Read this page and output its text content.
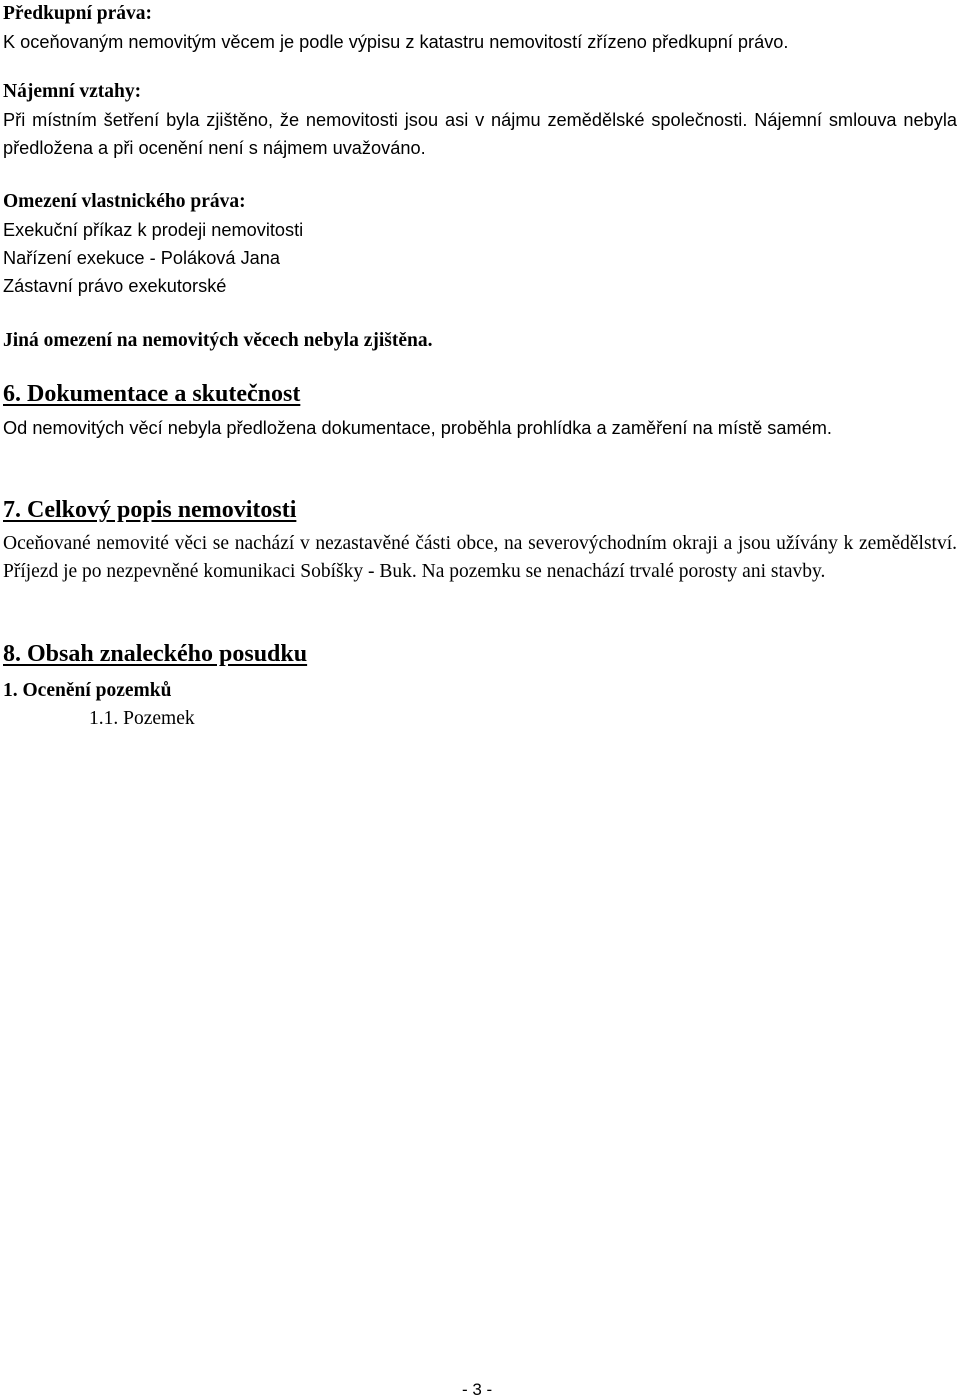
Předkupní práva:

K oceňovaným nemovitým věcem je podle výpisu z katastru nemovitostí zřízeno předkupní právo.

Nájemní vztahy:

Při místním šetření byla zjištěno, že nemovitosti jsou asi v nájmu zemědělské společnosti. Nájemní smlouva nebyla předložena a při ocenění není s nájmem uvažováno.

Omezení vlastnického práva:

Exekuční příkaz k prodeji nemovitosti

Nařízení exekuce - Poláková Jana

Zástavní právo exekutorské

Jiná omezení na nemovitých věcech nebyla zjištěna.

6. Dokumentace a skutečnost

Od nemovitých věcí nebyla předložena dokumentace, proběhla prohlídka a zaměření na místě samém.

7. Celkový popis nemovitosti

Oceňované nemovité věci se nachází v nezastavěné části obce, na severovýchodním okraji a jsou užívány k zemědělství. Příjezd je po nezpevněné komunikaci Sobíšky - Buk. Na pozemku se nenachází trvalé porosty ani stavby.

8. Obsah znaleckého posudku

1. Ocenění pozemků

1.1. Pozemek

- 3 -
